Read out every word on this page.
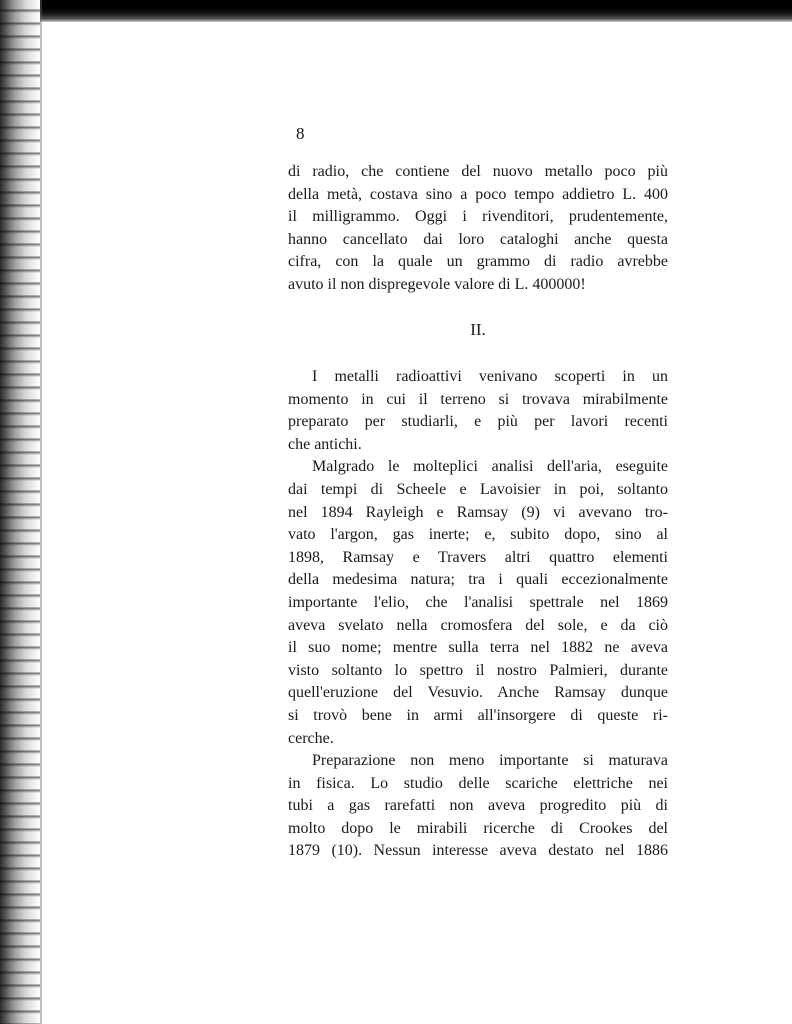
8
di radio, che contiene del nuovo metallo poco più
della metà, costava sino a poco tempo addietro L. 400
il milligrammo. Oggi i rivenditori, prudentemente,
hanno cancellato dai loro cataloghi anche questa
cifra, con la quale un grammo di radio avrebbe
avuto il non dispregevole valore di L. 400000!
II.
I metalli radioattivi venivano scoperti in un
momento in cui il terreno si trovava mirabilmente
preparato per studiarli, e più per lavori recenti
che antichi.
Malgrado le molteplici analisi dell'aria, eseguite
dai tempi di Scheele e Lavoisier in poi, soltanto
nel 1894 Rayleigh e Ramsay (9) vi avevano tro-
vato l'argon, gas inerte; e, subito dopo, sino al
1898, Ramsay e Travers altri quattro elementi
della medesima natura; tra i quali eccezionalmente
importante l'elio, che l'analisi spettrale nel 1869
aveva svelato nella cromosfera del sole, e da ciò
il suo nome; mentre sulla terra nel 1882 ne aveva
visto soltanto lo spettro il nostro Palmieri, durante
quell'eruzione del Vesuvio. Anche Ramsay dunque
si trovò bene in armi all'insorgere di queste ri-
cerche.
Preparazione non meno importante si maturava
in fisica. Lo studio delle scariche elettriche nei
tubi a gas rarefatti non aveva progredito più di
molto dopo le mirabili ricerche di Crookes del
1879 (10). Nessun interesse aveva destato nel 1886
